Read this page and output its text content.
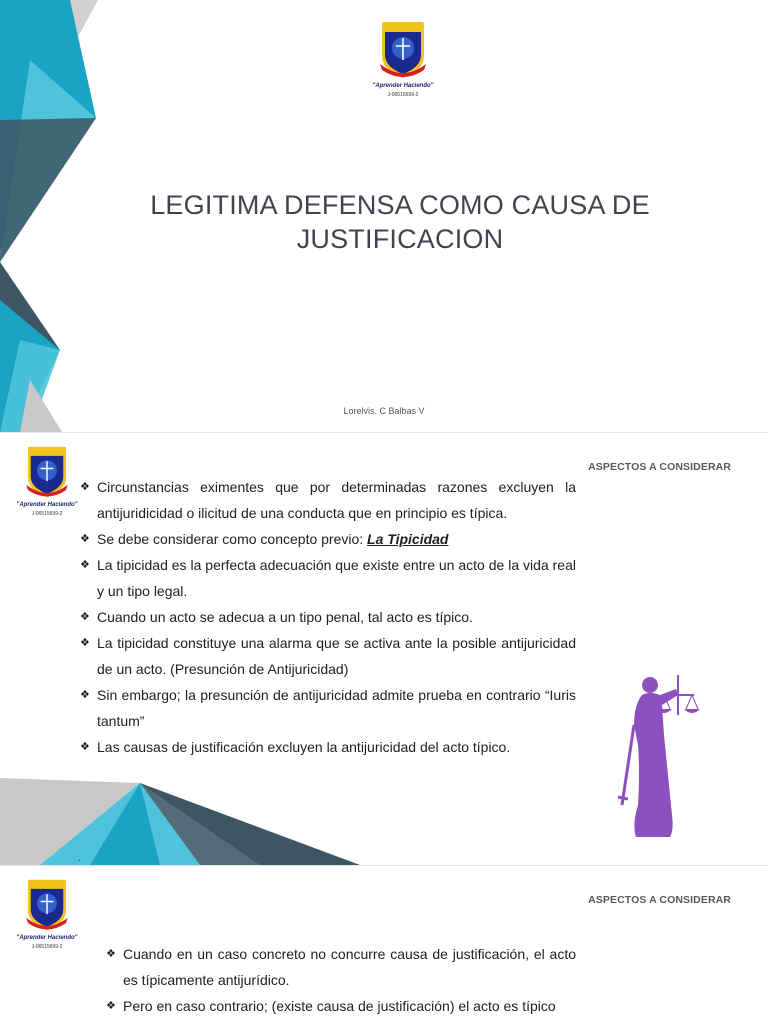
"Aprender Haciendo"
J-06515699-2
LEGITIMA DEFENSA COMO CAUSA DE JUSTIFICACION
Lorelvis. C Balbas V
"Aprender Haciendo"
J-06515699-2
ASPECTOS A CONSIDERAR
❖ Circunstancias eximentes que por determinadas razones excluyen la antijuridicidad o ilicitud de una conducta que en principio es típica.
❖ Se debe considerar como concepto previo: La Tipicidad
❖ La tipicidad es la perfecta adecuación que existe entre un acto de la vida real y un tipo legal.
❖ Cuando un acto se adecua a un tipo penal, tal acto es típico.
❖ La tipicidad constituye una alarma que se activa ante la posible antijuricidad de un acto. (Presunción de Antijuricidad)
❖ Sin embargo; la presunción de antijuricidad admite prueba en contrario “Iuris tantum”
❖ Las causas de justificación excluyen la antijuricidad del acto típico.
.
"Aprender Haciendo"
J-06515699-2
ASPECTOS A CONSIDERAR
❖ Cuando en un caso concreto no concurre causa de justificación, el acto es típicamente antijurídico.
❖ Pero en caso contrario; (existe causa de justificación) el acto es típico
